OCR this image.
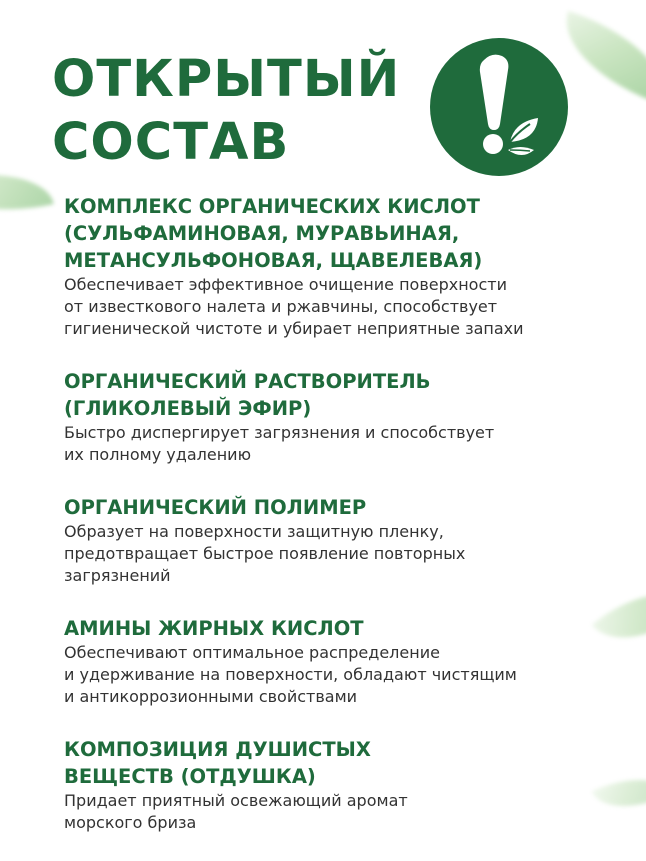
ОТКРЫТЫЙ
СОСТАВ

КОМПЛЕКС ОРГАНИЧЕСКИХ КИСЛОТ
(СУЛЬФАМИНОВАЯ, МУРАВЬИНАЯ,
МЕТАНСУЛЬФОНОВАЯ, ЩАВЕЛЕВАЯ)

Обеспечивает эффективное очищение поверхности
от известкового налета и ржавчины, способствует
гигиенической чистоте и убирает неприятные запахи

ОРГАНИЧЕСКИЙ РАСТВОРИТЕЛЬ
(ГЛИКОЛЕВЫЙ ЭФИР)

Быстро диспергирует загрязнения и способствует
их полному удалению

ОРГАНИЧЕСКИЙ ПОЛИМЕР

Образует на поверхности защитную пленку,
предотвращает быстрое появление повторных
загрязнений

АМИНЫ ЖИРНЫХ КИСЛОТ

Обеспечивают оптимальное распределение
и удерживание на поверхности, обладают чистящим
и антикоррозионными свойствами

КОМПОЗИЦИЯ ДУШИСТЫХ
ВЕЩЕСТВ (ОТДУШКА)

Придает приятный освежающий аромат
морского бриза
